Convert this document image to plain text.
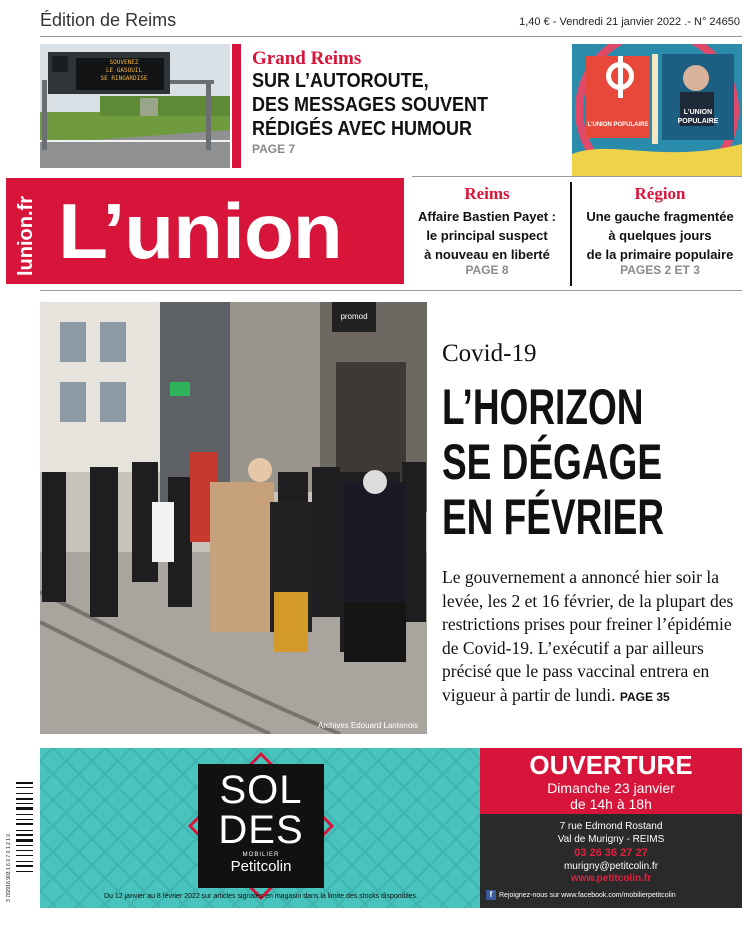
Édition de Reims	1,40 € - Vendredi 21 janvier 2022 .- N° 24650
SOUVENEZ
LE GASOUIL
SE RINGARDISE
Grand Reims
SUR L’AUTOROUTE,
DES MESSAGES SOUVENT
RÉDIGÉS AVEC HUMOUR
PAGE 7
L’UNION POPULAIRE
L’UNION
POPULAIRE
lunion.fr L’union	Reims
Affaire Bastien Payet :
le principal suspect
à nouveau en liberté
PAGE 8
Région
Une gauche fragmentée
à quelques jours
de la primaire populaire
PAGES 2 ET 3
promod
Archives Edouard Lantenois
Covid-19
L’HORIZON
SE DÉGAGE
EN FÉVRIER
Le gouvernement a annoncé hier soir la levée, les 2 et 16 février, de la plupart des restrictions prises pour freiner l’épidémie de Covid-19. L’exécutif a par ailleurs précisé que le pass vaccinal entrera en vigueur à partir de lundi. PAGE 35
SOL
DES
MOBILIER
Petitcolin
Du 12 janvier au 8 février 2022 sur articles signalés en magasin dans la limite des stocks disponibles.
OUVERTURE
Dimanche 23 janvier
de 14h à 18h
7 rue Edmond Rostand
Val de Murigny - REIMS
03 26 36 27 27
murigny@petitcolin.fr
www.petitcolin.fr
f Rejoignez-nous sur www.facebook.com/mobilierpetitcolin
3 782016 903 1 6 0 7 0 1 2 1 0
